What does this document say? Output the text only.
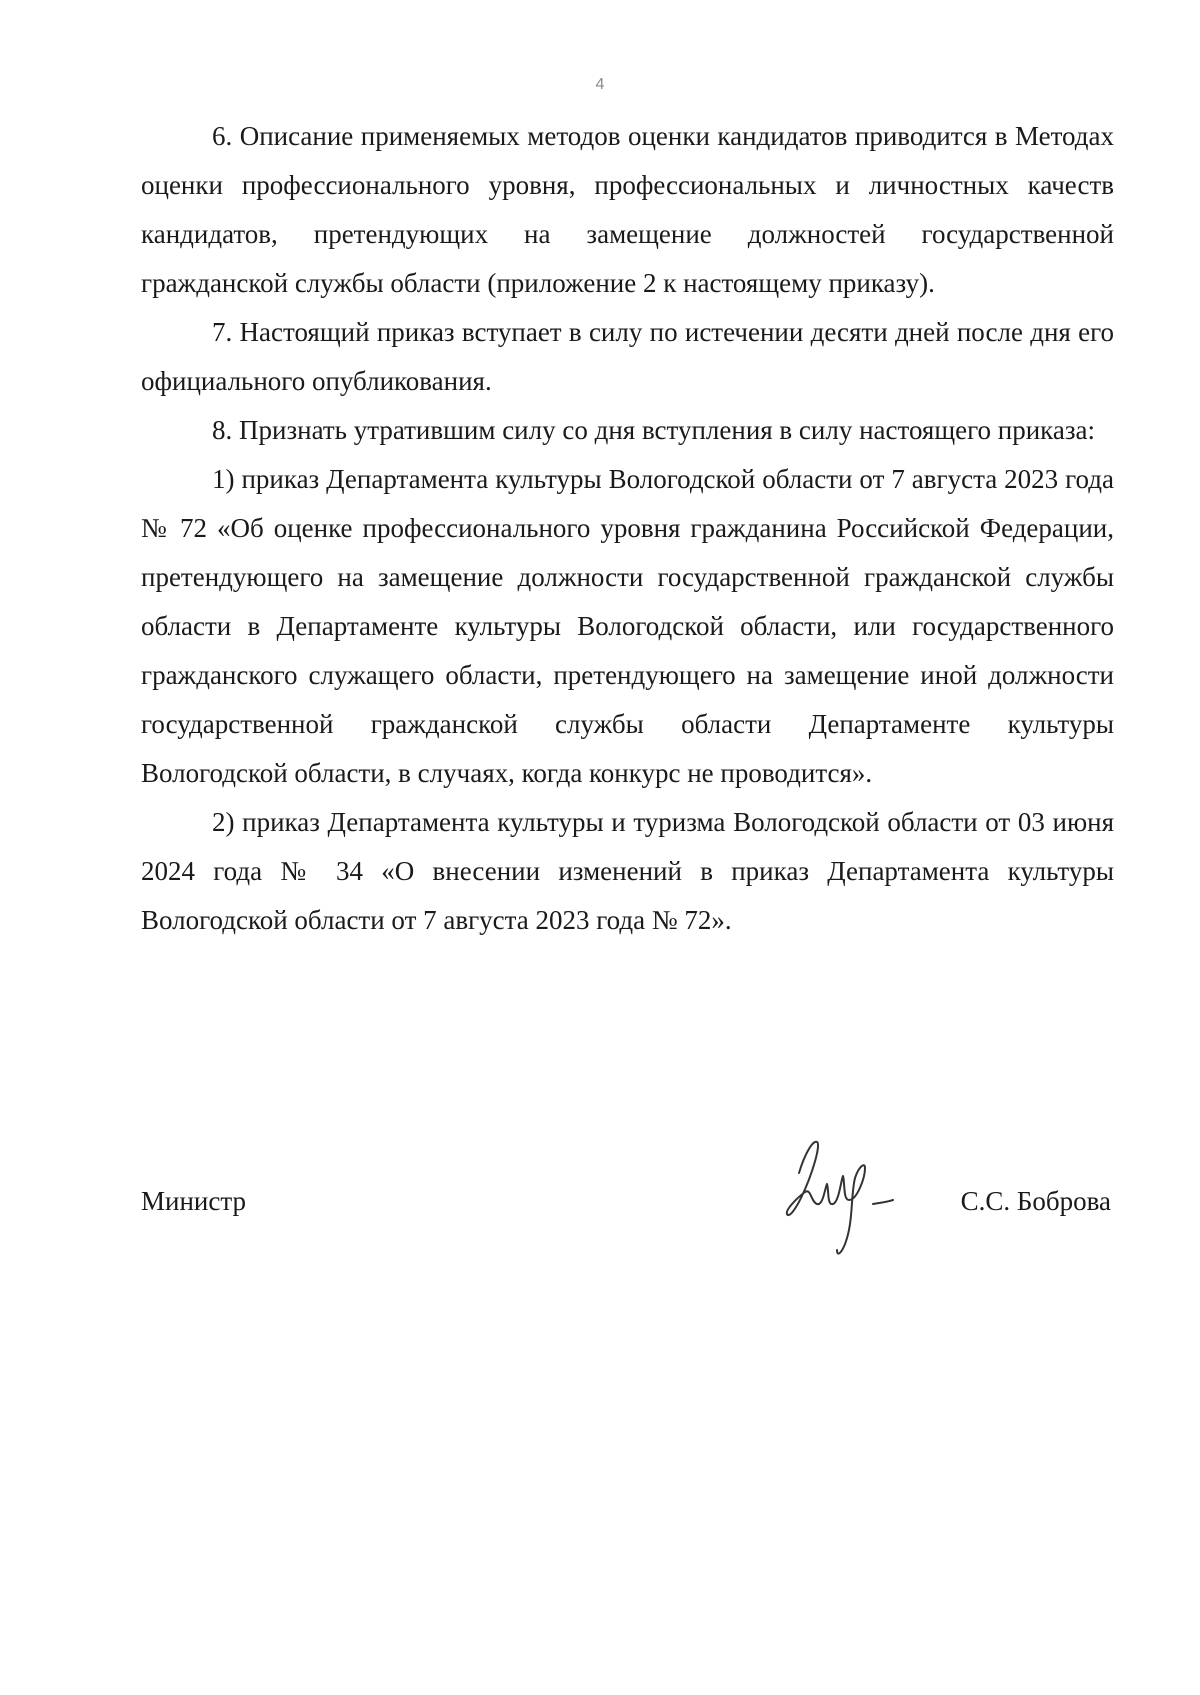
4

6. Описание применяемых методов оценки кандидатов приводится в Методах оценки профессионального уровня, профессиональных и личностных качеств кандидатов, претендующих на замещение должностей государственной гражданской службы области (приложение 2 к настоящему приказу).

7. Настоящий приказ вступает в силу по истечении десяти дней после дня его официального опубликования.

8. Признать утратившим силу со дня вступления в силу настоящего приказа:

1) приказ Департамента культуры Вологодской области от 7 августа 2023 года № 72 «Об оценке профессионального уровня гражданина Российской Федерации, претендующего на замещение должности государственной гражданской службы области в Департаменте культуры Вологодской области, или государственного гражданского служащего области, претендующего на замещение иной должности государственной гражданской службы области Департаменте культуры Вологодской области, в случаях, когда конкурс не проводится».

2) приказ Департамента культуры и туризма Вологодской области от 03 июня 2024 года № 34 «О внесении изменений в приказ Департамента культуры Вологодской области от 7 августа 2023 года № 72».

Министр	С.С. Боброва
